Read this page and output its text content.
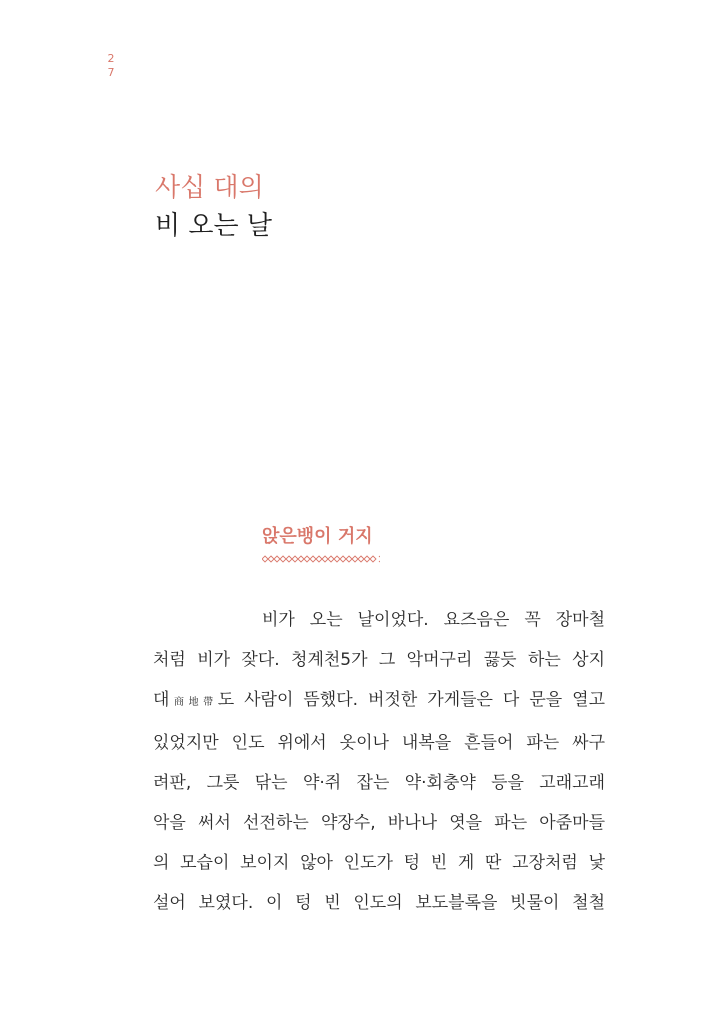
2
7
사십 대의
비 오는 날
앉은뱅이 거지
비가 오는 날이었다. 요즈음은 꼭 장마철
처럼 비가 잦다. 청계천5가 그 악머구리 끓듯 하는 상지
대商地帶도 사람이 뜸했다. 버젓한 가게들은 다 문을 열고
있었지만 인도 위에서 옷이나 내복을 흔들어 파는 싸구
려판, 그릇 닦는 약·쥐 잡는 약·회충약 등을 고래고래
악을 써서 선전하는 약장수, 바나나 엿을 파는 아줌마들
의 모습이 보이지 않아 인도가 텅 빈 게 딴 고장처럼 낯
설어 보였다. 이 텅 빈 인도의 보도블록을 빗물이 철철
